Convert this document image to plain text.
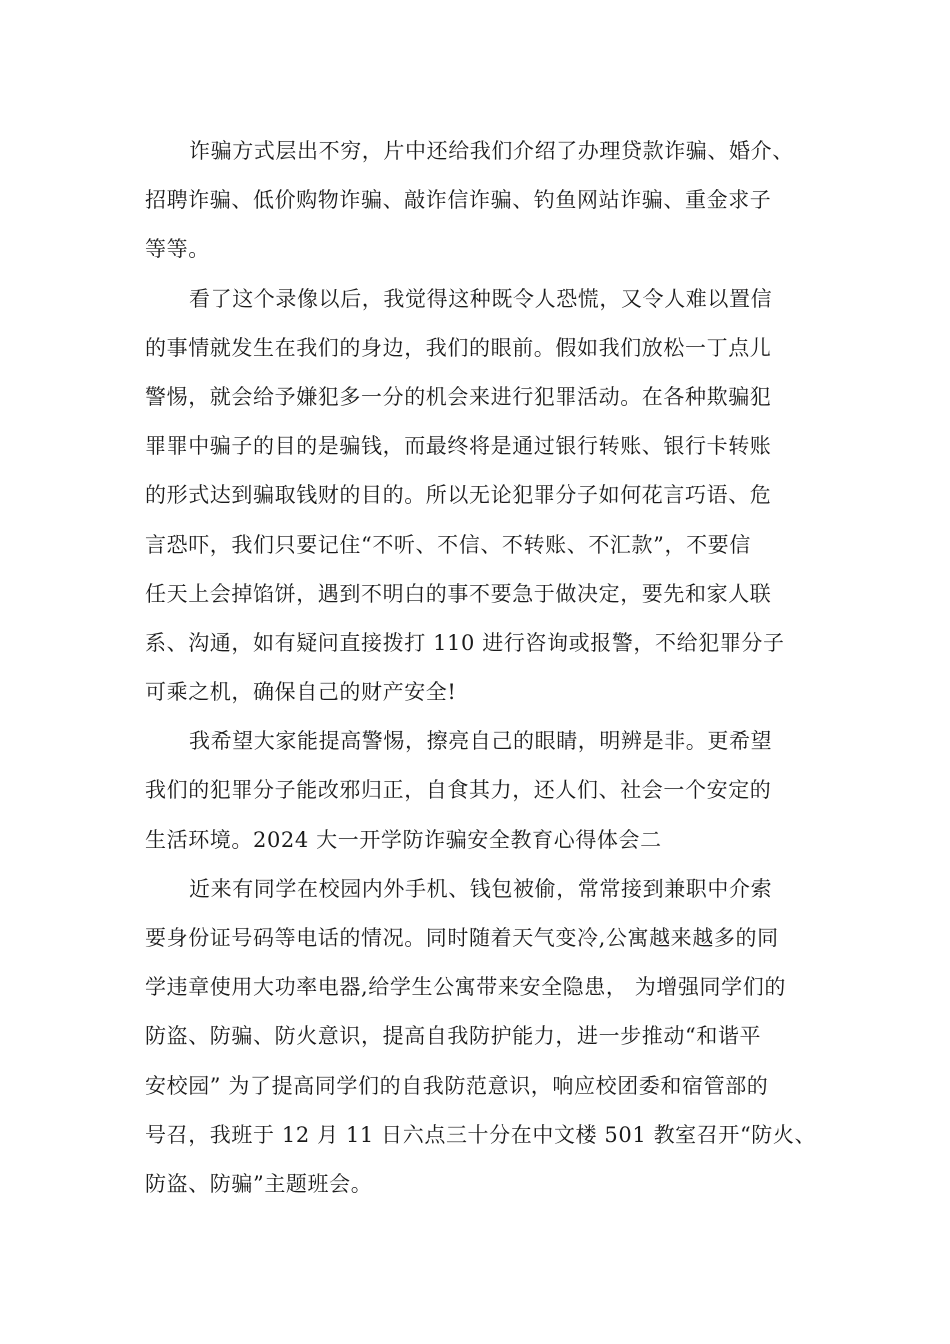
诈骗方式层出不穷，片中还给我们介绍了办理贷款诈骗、婚介、
招聘诈骗、低价购物诈骗、敲诈信诈骗、钓鱼网站诈骗、重金求子
等等。
看了这个录像以后，我觉得这种既令人恐慌，又令人难以置信
的事情就发生在我们的身边，我们的眼前。假如我们放松一丁点儿
警惕，就会给予嫌犯多一分的机会来进行犯罪活动。在各种欺骗犯
罪罪中骗子的目的是骗钱，而最终将是通过银行转账、银行卡转账
的形式达到骗取钱财的目的。所以无论犯罪分子如何花言巧语、危
言恐吓，我们只要记住“不听、不信、不转账、不汇款”，不要信
任天上会掉馅饼，遇到不明白的事不要急于做决定，要先和家人联
系、沟通，如有疑问直接拨打 110 进行咨询或报警，不给犯罪分子
可乘之机，确保自己的财产安全!
我希望大家能提高警惕，擦亮自己的眼睛，明辨是非。更希望
我们的犯罪分子能改邪归正，自食其力，还人们、社会一个安定的
生活环境。2024 大一开学防诈骗安全教育心得体会二
近来有同学在校园内外手机、钱包被偷，常常接到兼职中介索
要身份证号码等电话的情况。同时随着天气变冷,公寓越来越多的同
学违章使用大功率电器,给学生公寓带来安全隐患， 为增强同学们的
防盗、防骗、防火意识，提高自我防护能力，进一步推动“和谐平
安校园” 为了提高同学们的自我防范意识，响应校团委和宿管部的
号召，我班于 12 月 11 日六点三十分在中文楼 501 教室召开“防火、
防盗、防骗”主题班会。
